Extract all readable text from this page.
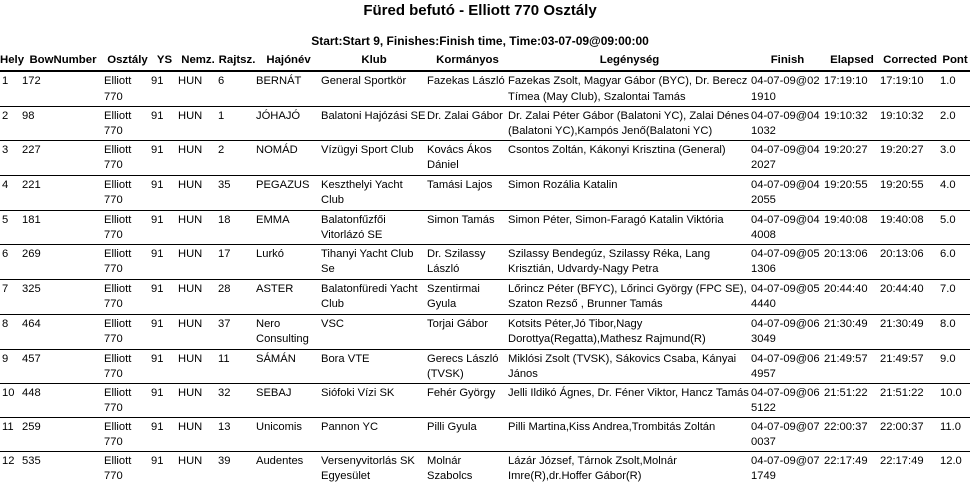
Füred befutó - Elliott 770 Osztály
Start:Start 9, Finishes:Finish time, Time:03-07-09@09:00:00
Hely	BowNumber	Osztály	YS	Nemz.	Rajtsz.	Hajónév	Klub	Kormányos	Legénység	Finish	Elapsed	Corrected	Pont
1	172	Elliott 770	91	HUN	6	BERNÁT	General Sportkör	Fazekas László	Fazekas Zsolt, Magyar Gábor (BYC), Dr. Berecz Tímea (May Club), Szalontai Tamás	04-07-09@021910	17:19:10	17:19:10	1.0
2	98	Elliott 770	91	HUN	1	JÓHAJÓ	Balatoni Hajózási SE	Dr. Zalai Gábor	Dr. Zalai Péter Gábor (Balatoni YC), Zalai Dénes (Balatoni YC),Kampós Jenő(Balatoni YC)	04-07-09@041032	19:10:32	19:10:32	2.0
3	227	Elliott 770	91	HUN	2	NOMÁD	Vízügyi Sport Club	Kovács Ákos Dániel	Csontos Zoltán, Kákonyi Krisztina (General)	04-07-09@042027	19:20:27	19:20:27	3.0
4	221	Elliott 770	91	HUN	35	PEGAZUS	Keszthelyi Yacht Club	Tamási Lajos	Simon Rozália Katalin	04-07-09@042055	19:20:55	19:20:55	4.0
5	181	Elliott 770	91	HUN	18	EMMA	Balatonfűzfői Vitorlázó SE	Simon Tamás	Simon Péter, Simon-Faragó Katalin Viktória	04-07-09@044008	19:40:08	19:40:08	5.0
6	269	Elliott 770	91	HUN	17	Lurkó	Tihanyi Yacht Club Se	Dr. Szilassy László	Szilassy Bendegúz, Szilassy Réka, Lang Krisztián, Udvardy-Nagy Petra	04-07-09@051306	20:13:06	20:13:06	6.0
7	325	Elliott 770	91	HUN	28	ASTER	Balatonfüredi Yacht Club	Szentirmai Gyula	Lőrincz Péter (BFYC), Lőrinci György (FPC SE), Szaton Rezső , Brunner Tamás	04-07-09@054440	20:44:40	20:44:40	7.0
8	464	Elliott 770	91	HUN	37	Nero Consulting	VSC	Torjai Gábor	Kotsits Péter,Jó Tibor,Nagy Dorottya(Regatta),Mathesz Rajmund(R)	04-07-09@063049	21:30:49	21:30:49	8.0
9	457	Elliott 770	91	HUN	11	SÁMÁN	Bora VTE	Gerecs László (TVSK)	Miklósi Zsolt (TVSK), Sákovics Csaba, Kányai János	04-07-09@064957	21:49:57	21:49:57	9.0
10	448	Elliott 770	91	HUN	32	SEBAJ	Siófoki Vízi SK	Fehér György	Jelli Ildikó Ágnes, Dr. Féner Viktor, Hancz Tamás	04-07-09@065122	21:51:22	21:51:22	10.0
11	259	Elliott 770	91	HUN	13	Unicomis	Pannon YC	Pilli Gyula	Pilli Martina,Kiss Andrea,Trombitás Zoltán	04-07-09@070037	22:00:37	22:00:37	11.0
12	535	Elliott 770	91	HUN	39	Audentes	Versenyvitorlás SK Egyesület	Molnár Szabolcs	Lázár József, Tárnok Zsolt,Molnár Imre(R),dr.Hoffer Gábor(R)	04-07-09@071749	22:17:49	22:17:49	12.0
